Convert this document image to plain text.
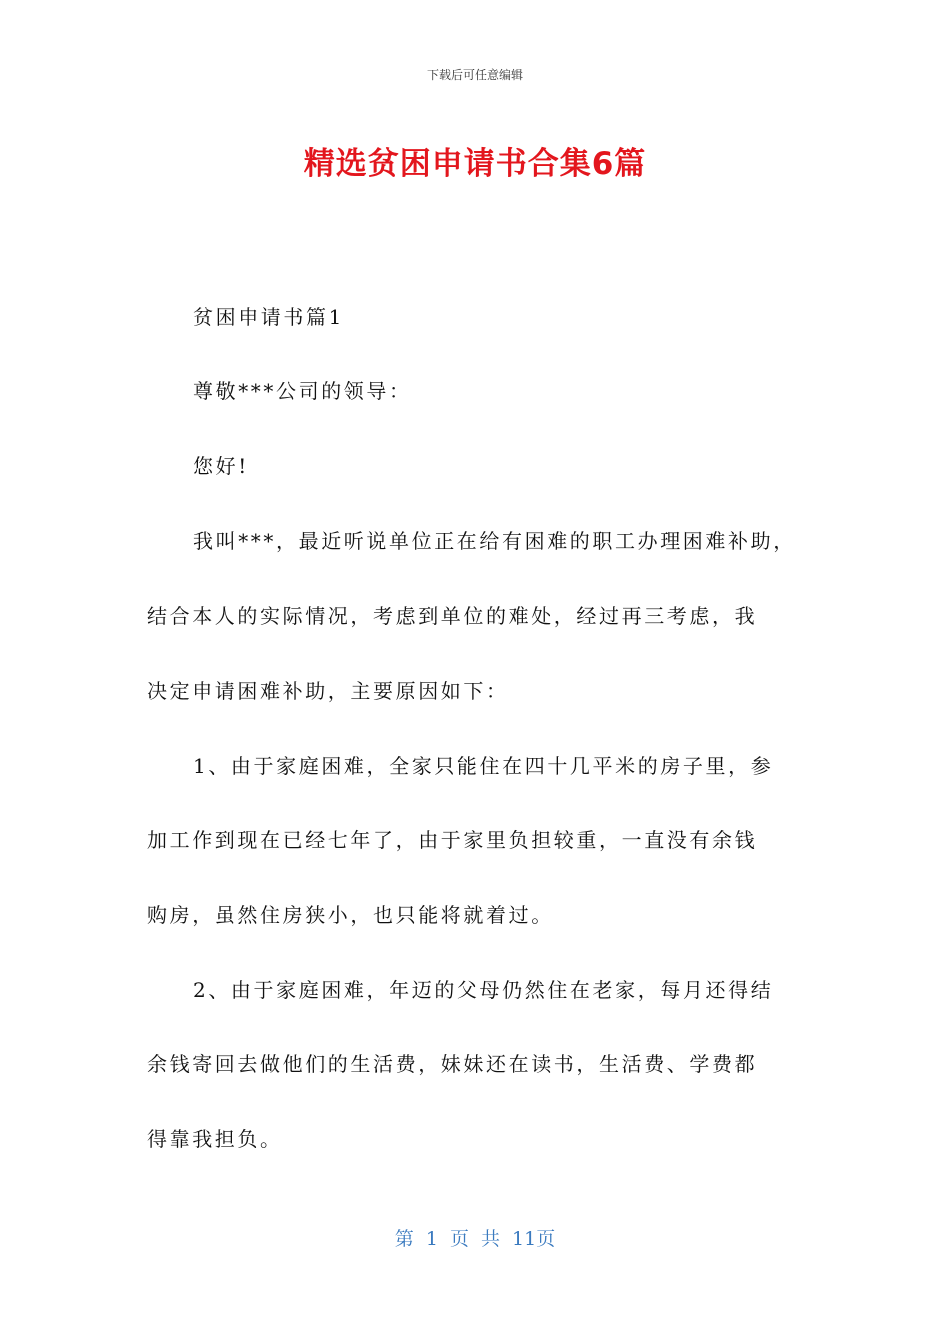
下载后可任意编辑
精选贫困申请书合集6篇
贫困申请书篇1
尊敬***公司的领导：
您好!
我叫***，最近听说单位正在给有困难的职工办理困难补助，
结合本人的实际情况，考虑到单位的难处，经过再三考虑，我
决定申请困难补助，主要原因如下：
1、由于家庭困难，全家只能住在四十几平米的房子里，参
加工作到现在已经七年了，由于家里负担较重，一直没有余钱
购房，虽然住房狭小，也只能将就着过。
2、由于家庭困难，年迈的父母仍然住在老家，每月还得结
余钱寄回去做他们的生活费，妹妹还在读书，生活费、学费都
得靠我担负。
第 1 页 共 11页
